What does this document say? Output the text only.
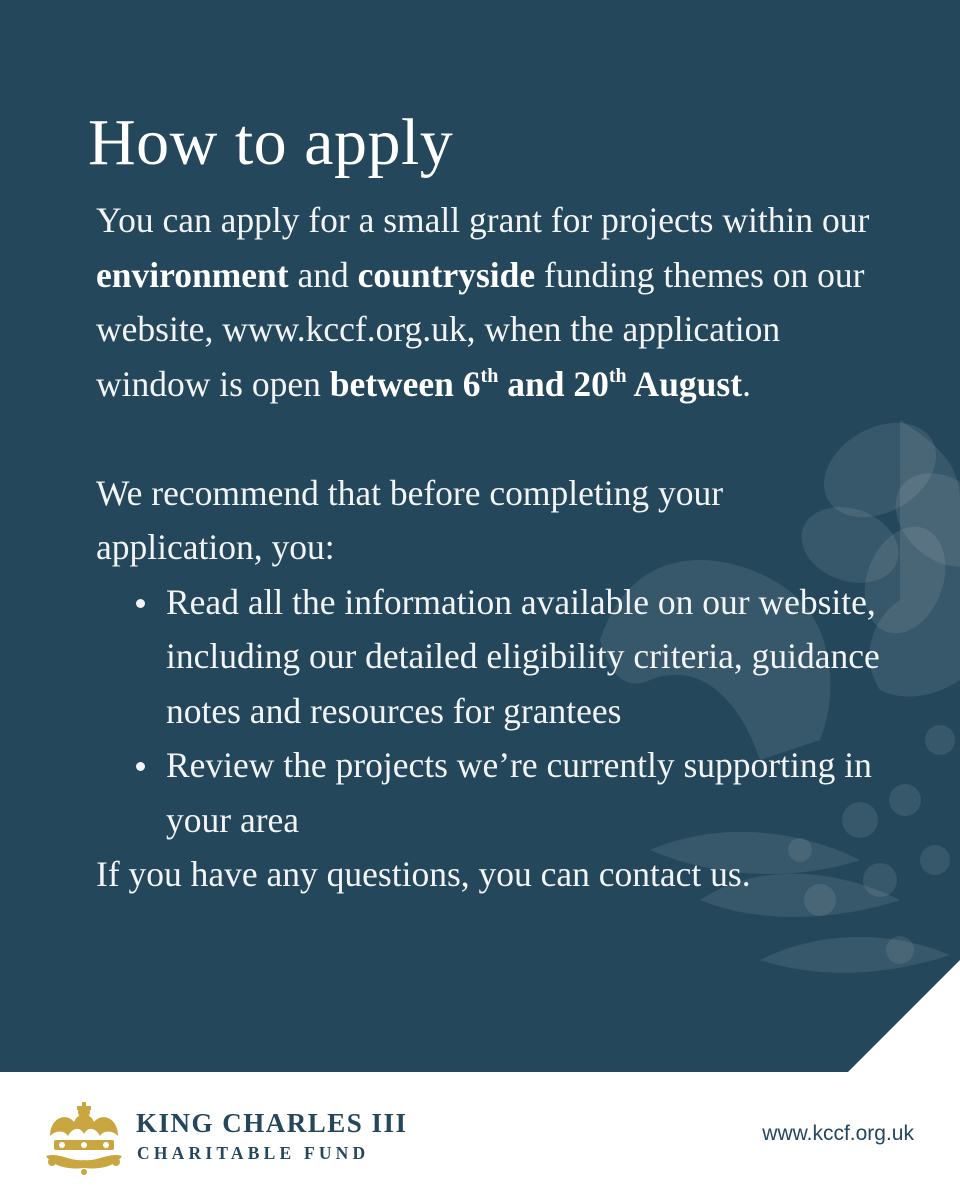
How to apply

You can apply for a small grant for projects within our environment and countryside funding themes on our website, www.kccf.org.uk, when the application window is open between 6th and 20th August.

We recommend that before completing your application, you:

Read all the information available on our website, including our detailed eligibility criteria, guidance notes and resources for grantees
Review the projects we’re currently supporting in your area

If you have any questions, you can contact us.

KING CHARLES III
CHARITABLE FUND
www.kccf.org.uk
